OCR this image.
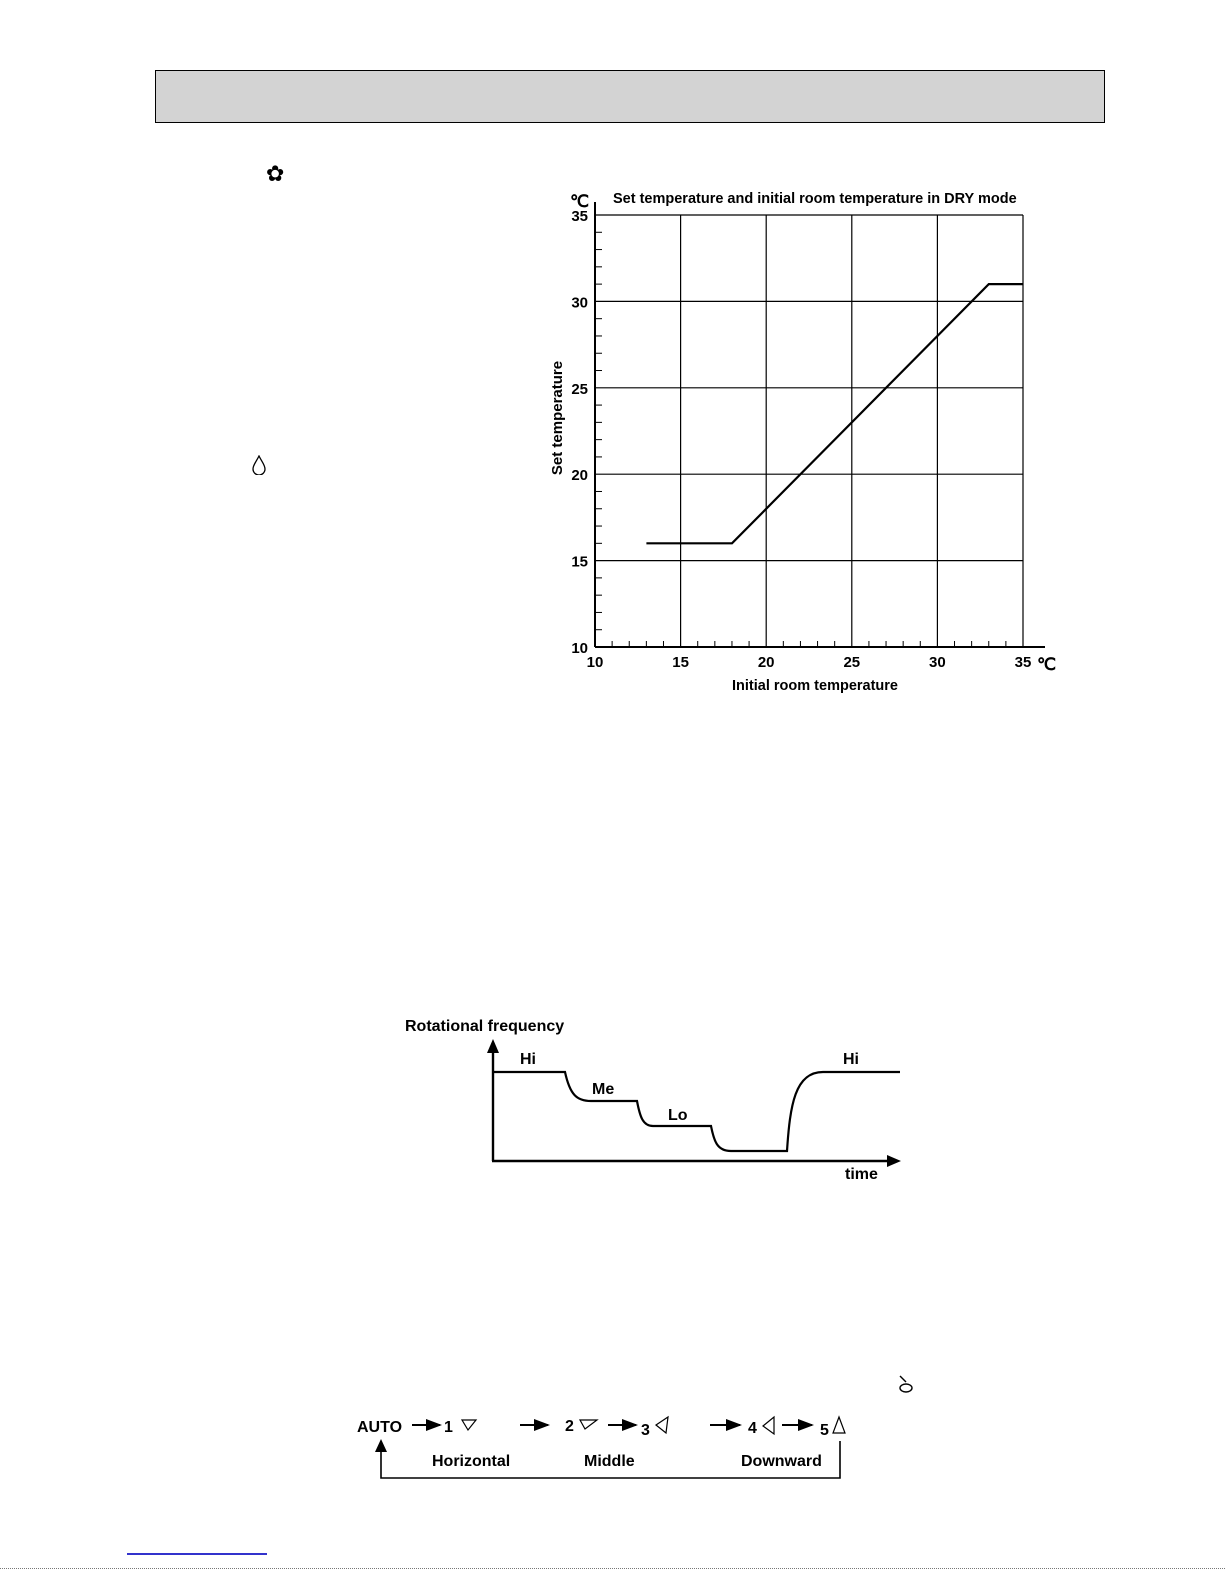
✿
10
15
20
25
30
35
10	15	20	25	30	35
Set temperature and initial room temperature in DRY mode
℃
℃
Initial room temperature
Set temperature
Rotational frequency
Hi
Me
Lo
Hi
time
AUTO	1	2	3	4	5
Horizontal	Middle	Downward
